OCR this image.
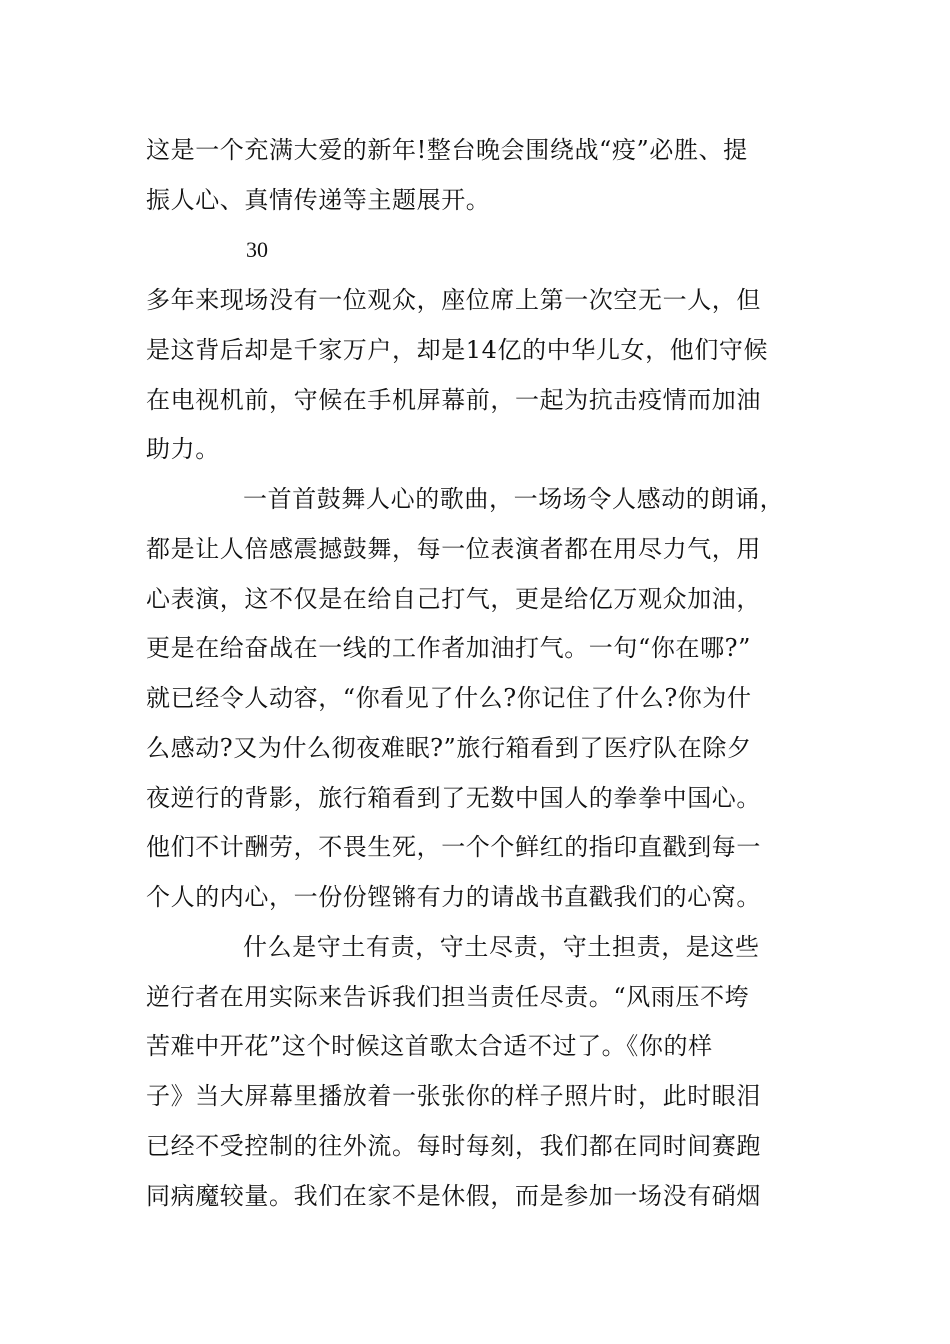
这是一个充满大爱的新年!整台晚会围绕战“疫”必胜、提

振人心、真情传递等主题展开。

30

多年来现场没有一位观众，座位席上第一次空无一人，但

是这背后却是千家万户，却是14亿的中华儿女，他们守候

在电视机前，守候在手机屏幕前，一起为抗击疫情而加油

助力。

一首首鼓舞人心的歌曲，一场场令人感动的朗诵，

都是让人倍感震撼鼓舞，每一位表演者都在用尽力气，用

心表演，这不仅是在给自己打气，更是给亿万观众加油，

更是在给奋战在一线的工作者加油打气。一句“你在哪?”

就已经令人动容，“你看见了什么?你记住了什么?你为什

么感动?又为什么彻夜难眠?”旅行箱看到了医疗队在除夕

夜逆行的背影，旅行箱看到了无数中国人的拳拳中国心。

他们不计酬劳，不畏生死，一个个鲜红的指印直戳到每一

个人的内心，一份份铿锵有力的请战书直戳我们的心窝。

什么是守土有责，守土尽责，守土担责，是这些

逆行者在用实际来告诉我们担当责任尽责。“风雨压不垮

苦难中开花”这个时候这首歌太合适不过了。《你的样

子》当大屏幕里播放着一张张你的样子照片时，此时眼泪

已经不受控制的往外流。每时每刻，我们都在同时间赛跑

同病魔较量。我们在家不是休假，而是参加一场没有硝烟
